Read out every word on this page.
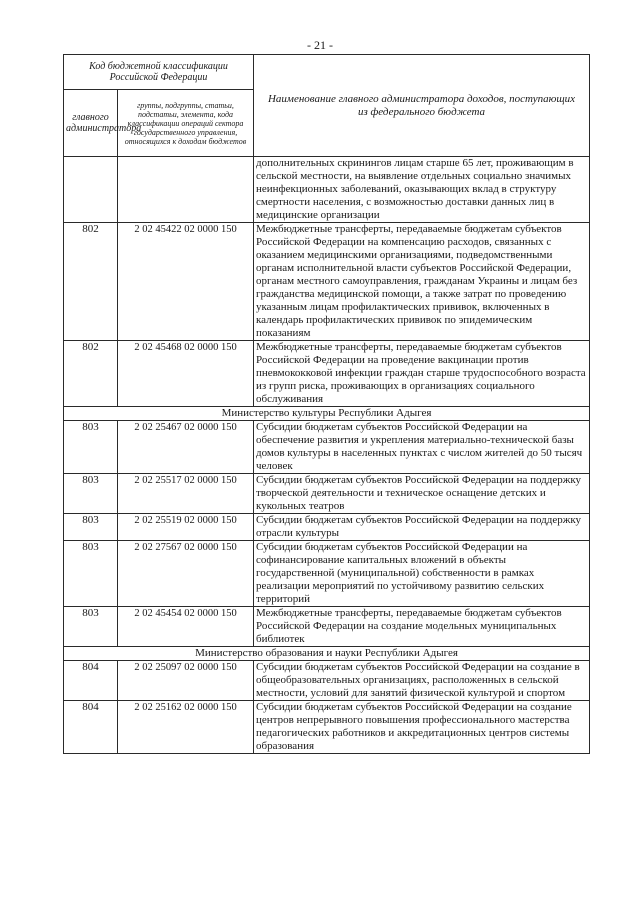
- 21 -
Код бюджетной классификации Российской Федерации		Наименование главного администратора доходов, поступающих из федерального бюджета
главного администратора	группы, подгруппы, статьи, подстатьи, элемента, кода классификации операций сектора государственного управления, относящихся к доходам бюджетов	
		дополнительных скринингов лицам старше 65 лет, проживающим в сельской местности, на выявление отдельных социально значимых неинфекционных заболеваний, оказывающих вклад в структуру смертности населения, с возможностью доставки данных лиц в медицинские организации
802	2 02 45422 02 0000 150	Межбюджетные трансферты, передаваемые бюджетам субъектов Российской Федерации на компенсацию расходов, связанных с оказанием медицинскими организациями, подведомственными органам исполнительной власти субъектов Российской Федерации, органам местного самоуправления, гражданам Украины и лицам без гражданства медицинской помощи, а также затрат по проведению указанным лицам профилактических прививок, включенных в календарь профилактических прививок по эпидемическим показаниям
802	2 02 45468 02 0000 150	Межбюджетные трансферты, передаваемые бюджетам субъектов Российской Федерации на проведение вакцинации против пневмококковой инфекции граждан старше трудоспособного возраста из групп риска, проживающих в организациях социального обслуживания
Министерство культуры Республики Адыгея		
803	2 02 25467 02 0000 150	Субсидии бюджетам субъектов Российской Федерации на обеспечение развития и укрепления материально-технической базы домов культуры в населенных пунктах с числом жителей до 50 тысяч человек
803	2 02 25517 02 0000 150	Субсидии бюджетам субъектов Российской Федерации на поддержку творческой деятельности и техническое оснащение детских и кукольных театров
803	2 02 25519 02 0000 150	Субсидии бюджетам субъектов Российской Федерации на поддержку отрасли культуры
803	2 02 27567 02 0000 150	Субсидии бюджетам субъектов Российской Федерации на софинансирование капитальных вложений в объекты государственной (муниципальной) собственности в рамках реализации мероприятий по устойчивому развитию сельских территорий
803	2 02 45454 02 0000 150	Межбюджетные трансферты, передаваемые бюджетам субъектов Российской Федерации на создание модельных муниципальных библиотек
Министерство образования и науки Республики Адыгея		
804	2 02 25097 02 0000 150	Субсидии бюджетам субъектов Российской Федерации на создание в общеобразовательных организациях, расположенных в сельской местности, условий для занятий физической культурой и спортом
804	2 02 25162 02 0000 150	Субсидии бюджетам субъектов Российской Федерации на создание центров непрерывного повышения профессионального мастерства педагогических работников и аккредитационных центров системы образования
